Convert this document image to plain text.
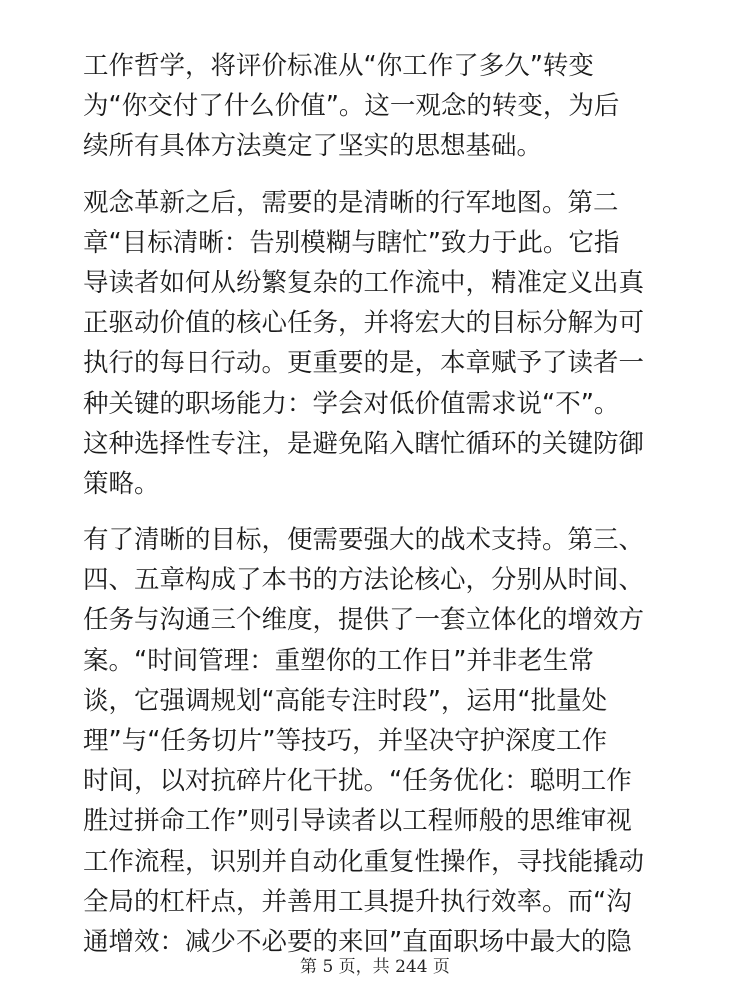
工作哲学，将评价标准从“你工作了多久”转变
为“你交付了什么价值”。这一观念的转变，为后
续所有具体方法奠定了坚实的思想基础。

观念革新之后，需要的是清晰的行军地图。第二
章“目标清晰：告别模糊与瞎忙”致力于此。它指
导读者如何从纷繁复杂的工作流中，精准定义出真
正驱动价值的核心任务，并将宏大的目标分解为可
执行的每日行动。更重要的是，本章赋予了读者一
种关键的职场能力：学会对低价值需求说“不”。
这种选择性专注，是避免陷入瞎忙循环的关键防御
策略。

有了清晰的目标，便需要强大的战术支持。第三、
四、五章构成了本书的方法论核心，分别从时间、
任务与沟通三个维度，提供了一套立体化的增效方
案。“时间管理：重塑你的工作日”并非老生常
谈，它强调规划“高能专注时段”，运用“批量处
理”与“任务切片”等技巧，并坚决守护深度工作
时间，以对抗碎片化干扰。“任务优化：聪明工作
胜过拼命工作”则引导读者以工程师般的思维审视
工作流程，识别并自动化重复性操作，寻找能撬动
全局的杠杆点，并善用工具提升执行效率。而“沟
通增效：减少不必要的来回”直面职场中最大的隐

第 5 页，共 244 页
